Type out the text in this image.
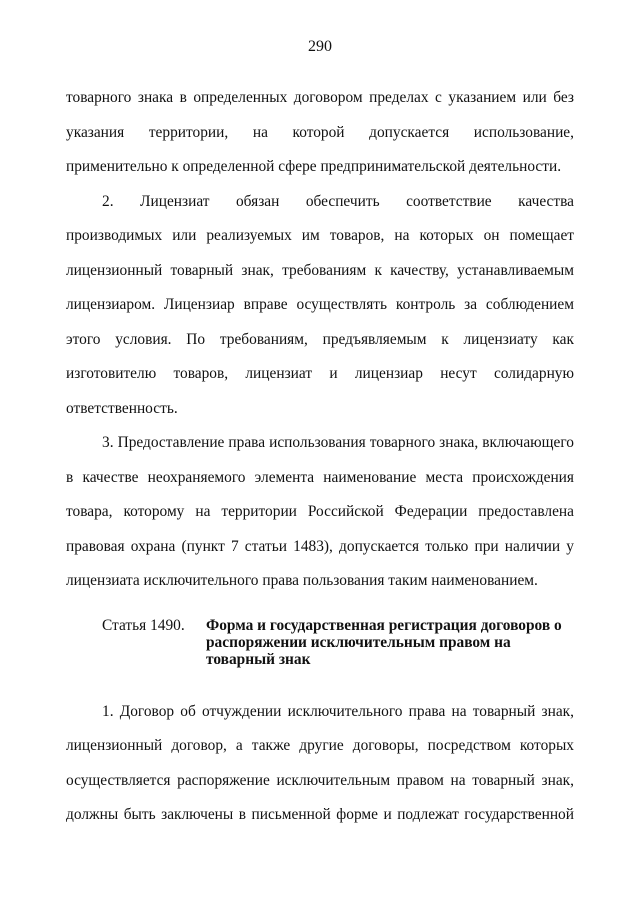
290

товарного знака в определенных договором пределах с указанием или без
указания территории, на которой допускается использование,
применительно к определенной сфере предпринимательской деятельности.

2. Лицензиат обязан обеспечить соответствие качества
производимых или реализуемых им товаров, на которых он помещает
лицензионный товарный знак, требованиям к качеству, устанавливаемым
лицензиаром. Лицензиар вправе осуществлять контроль за соблюдением
этого условия. По требованиям, предъявляемым к лицензиату как
изготовителю товаров, лицензиат и лицензиар несут солидарную
ответственность.

3. Предоставление права использования товарного знака, включающего
в качестве неохраняемого элемента наименование места происхождения
товара, которому на территории Российской Федерации предоставлена
правовая охрана (пункт 7 статьи 1483), допускается только при наличии у
лицензиата исключительного права пользования таким наименованием.

Статья 1490. Форма и государственная регистрация договоров о распоряжении исключительным правом на товарный знак

1. Договор об отчуждении исключительного права на товарный знак,
лицензионный договор, а также другие договоры, посредством которых
осуществляется распоряжение исключительным правом на товарный знак,
должны быть заключены в письменной форме и подлежат государственной
